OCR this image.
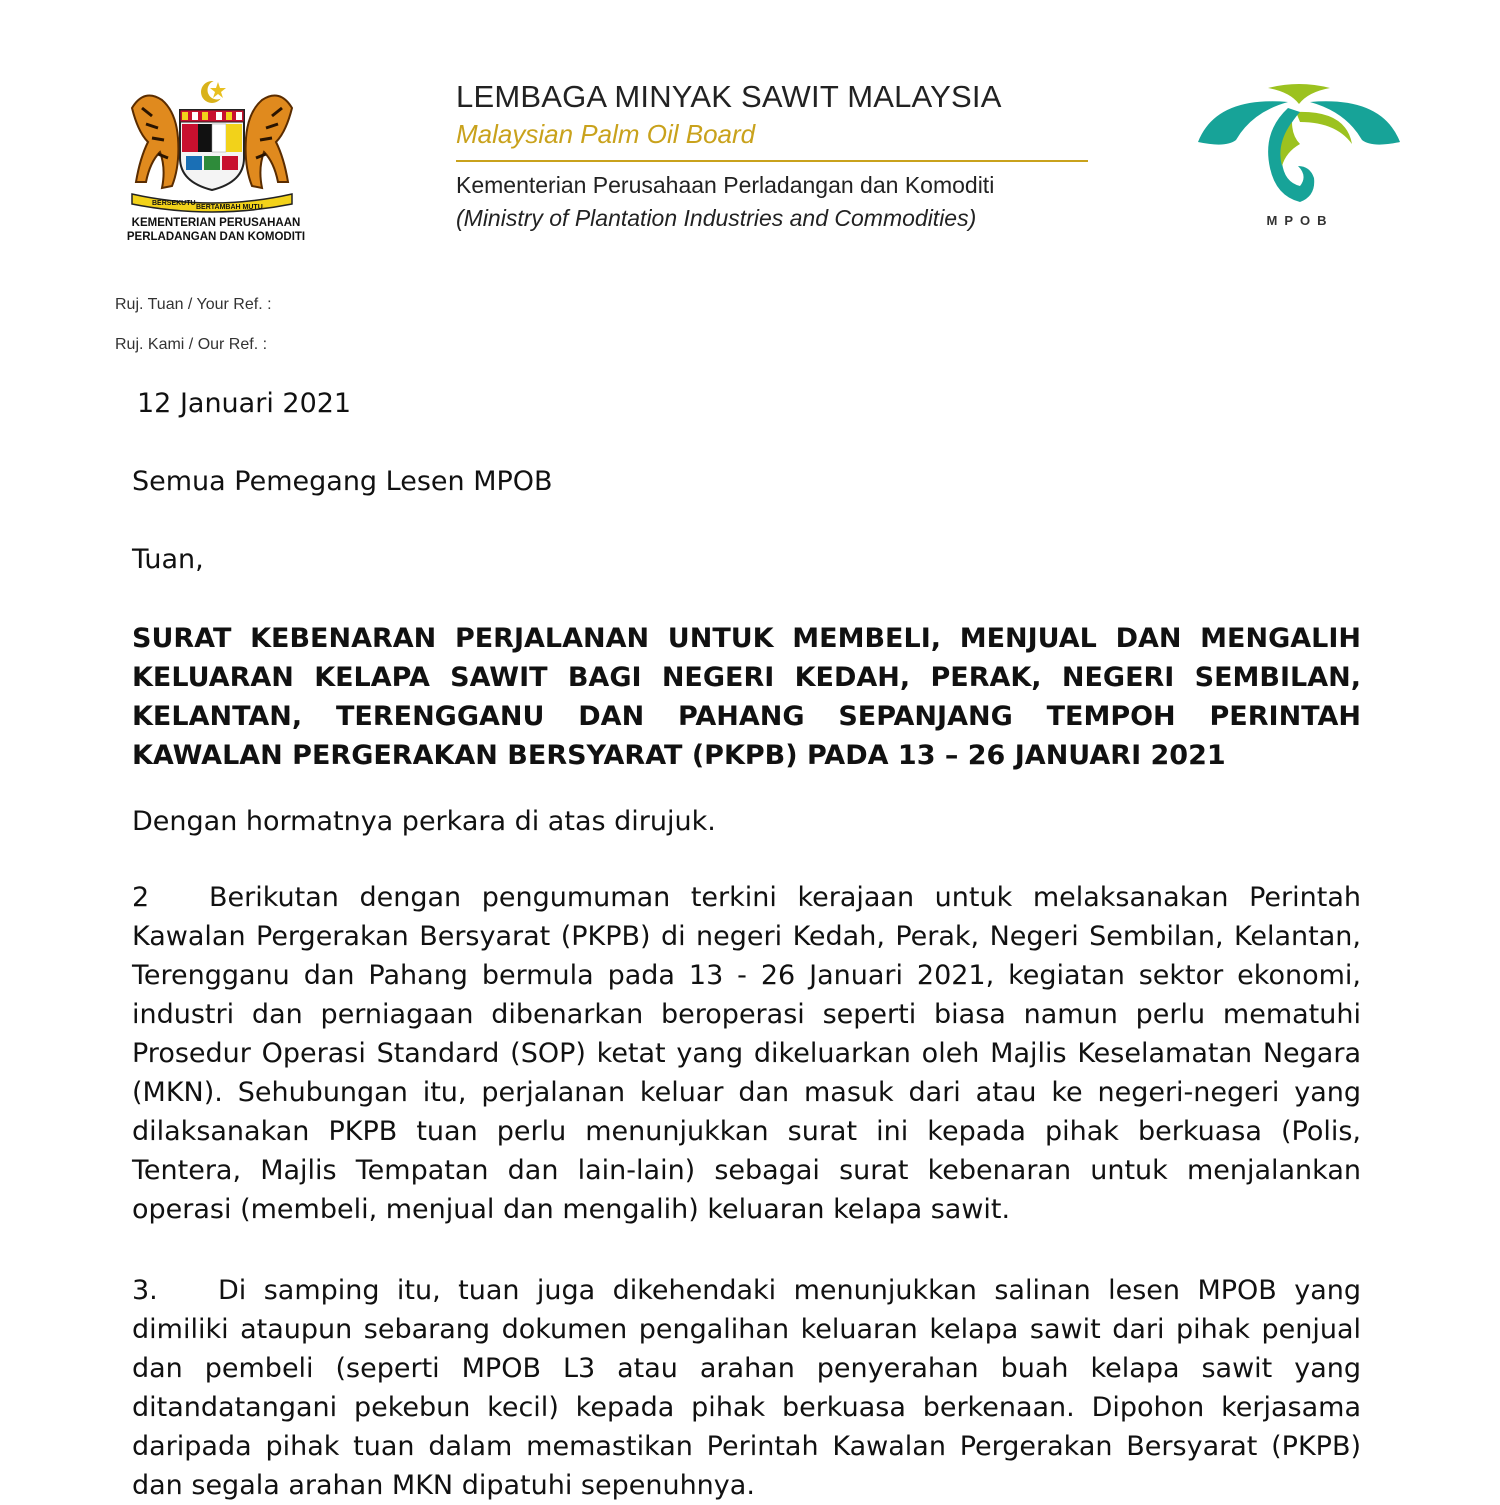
BERSEKUTU
BERTAMBAH MUTU
KEMENTERIAN PERUSAHAAN
PERLADANGAN DAN KOMODITI
LEMBAGA MINYAK SAWIT MALAYSIA
Malaysian Palm Oil Board
Kementerian Perusahaan Perladangan dan Komoditi
(Ministry of Plantation Industries and Commodities)	MPOB
Ruj. Tuan / Your Ref. :
Ruj. Kami / Our Ref. :
12 Januari 2021
Semua Pemegang Lesen MPOB
Tuan,
SURAT KEBENARAN PERJALANAN UNTUK MEMBELI, MENJUAL DAN MENGALIH KELUARAN KELAPA SAWIT BAGI NEGERI KEDAH, PERAK, NEGERI SEMBILAN, KELANTAN, TERENGGANU DAN PAHANG SEPANJANG TEMPOH PERINTAH KAWALAN PERGERAKAN BERSYARAT (PKPB) PADA 13 – 26 JANUARI 2021
Dengan hormatnya perkara di atas dirujuk.
2 Berikutan dengan pengumuman terkini kerajaan untuk melaksanakan Perintah Kawalan Pergerakan Bersyarat (PKPB) di negeri Kedah, Perak, Negeri Sembilan, Kelantan, Terengganu dan Pahang bermula pada 13 - 26 Januari 2021, kegiatan sektor ekonomi, industri dan perniagaan dibenarkan beroperasi seperti biasa namun perlu mematuhi Prosedur Operasi Standard (SOP) ketat yang dikeluarkan oleh Majlis Keselamatan Negara (MKN). Sehubungan itu, perjalanan keluar dan masuk dari atau ke negeri-negeri yang dilaksanakan PKPB tuan perlu menunjukkan surat ini kepada pihak berkuasa (Polis, Tentera, Majlis Tempatan dan lain-lain) sebagai surat kebenaran untuk menjalankan operasi (membeli, menjual dan mengalih) keluaran kelapa sawit.
3. Di samping itu, tuan juga dikehendaki menunjukkan salinan lesen MPOB yang dimiliki ataupun sebarang dokumen pengalihan keluaran kelapa sawit dari pihak penjual dan pembeli (seperti MPOB L3 atau arahan penyerahan buah kelapa sawit yang ditandatangani pekebun kecil) kepada pihak berkuasa berkenaan. Dipohon kerjasama daripada pihak tuan dalam memastikan Perintah Kawalan Pergerakan Bersyarat (PKPB) dan segala arahan MKN dipatuhi sepenuhnya.
